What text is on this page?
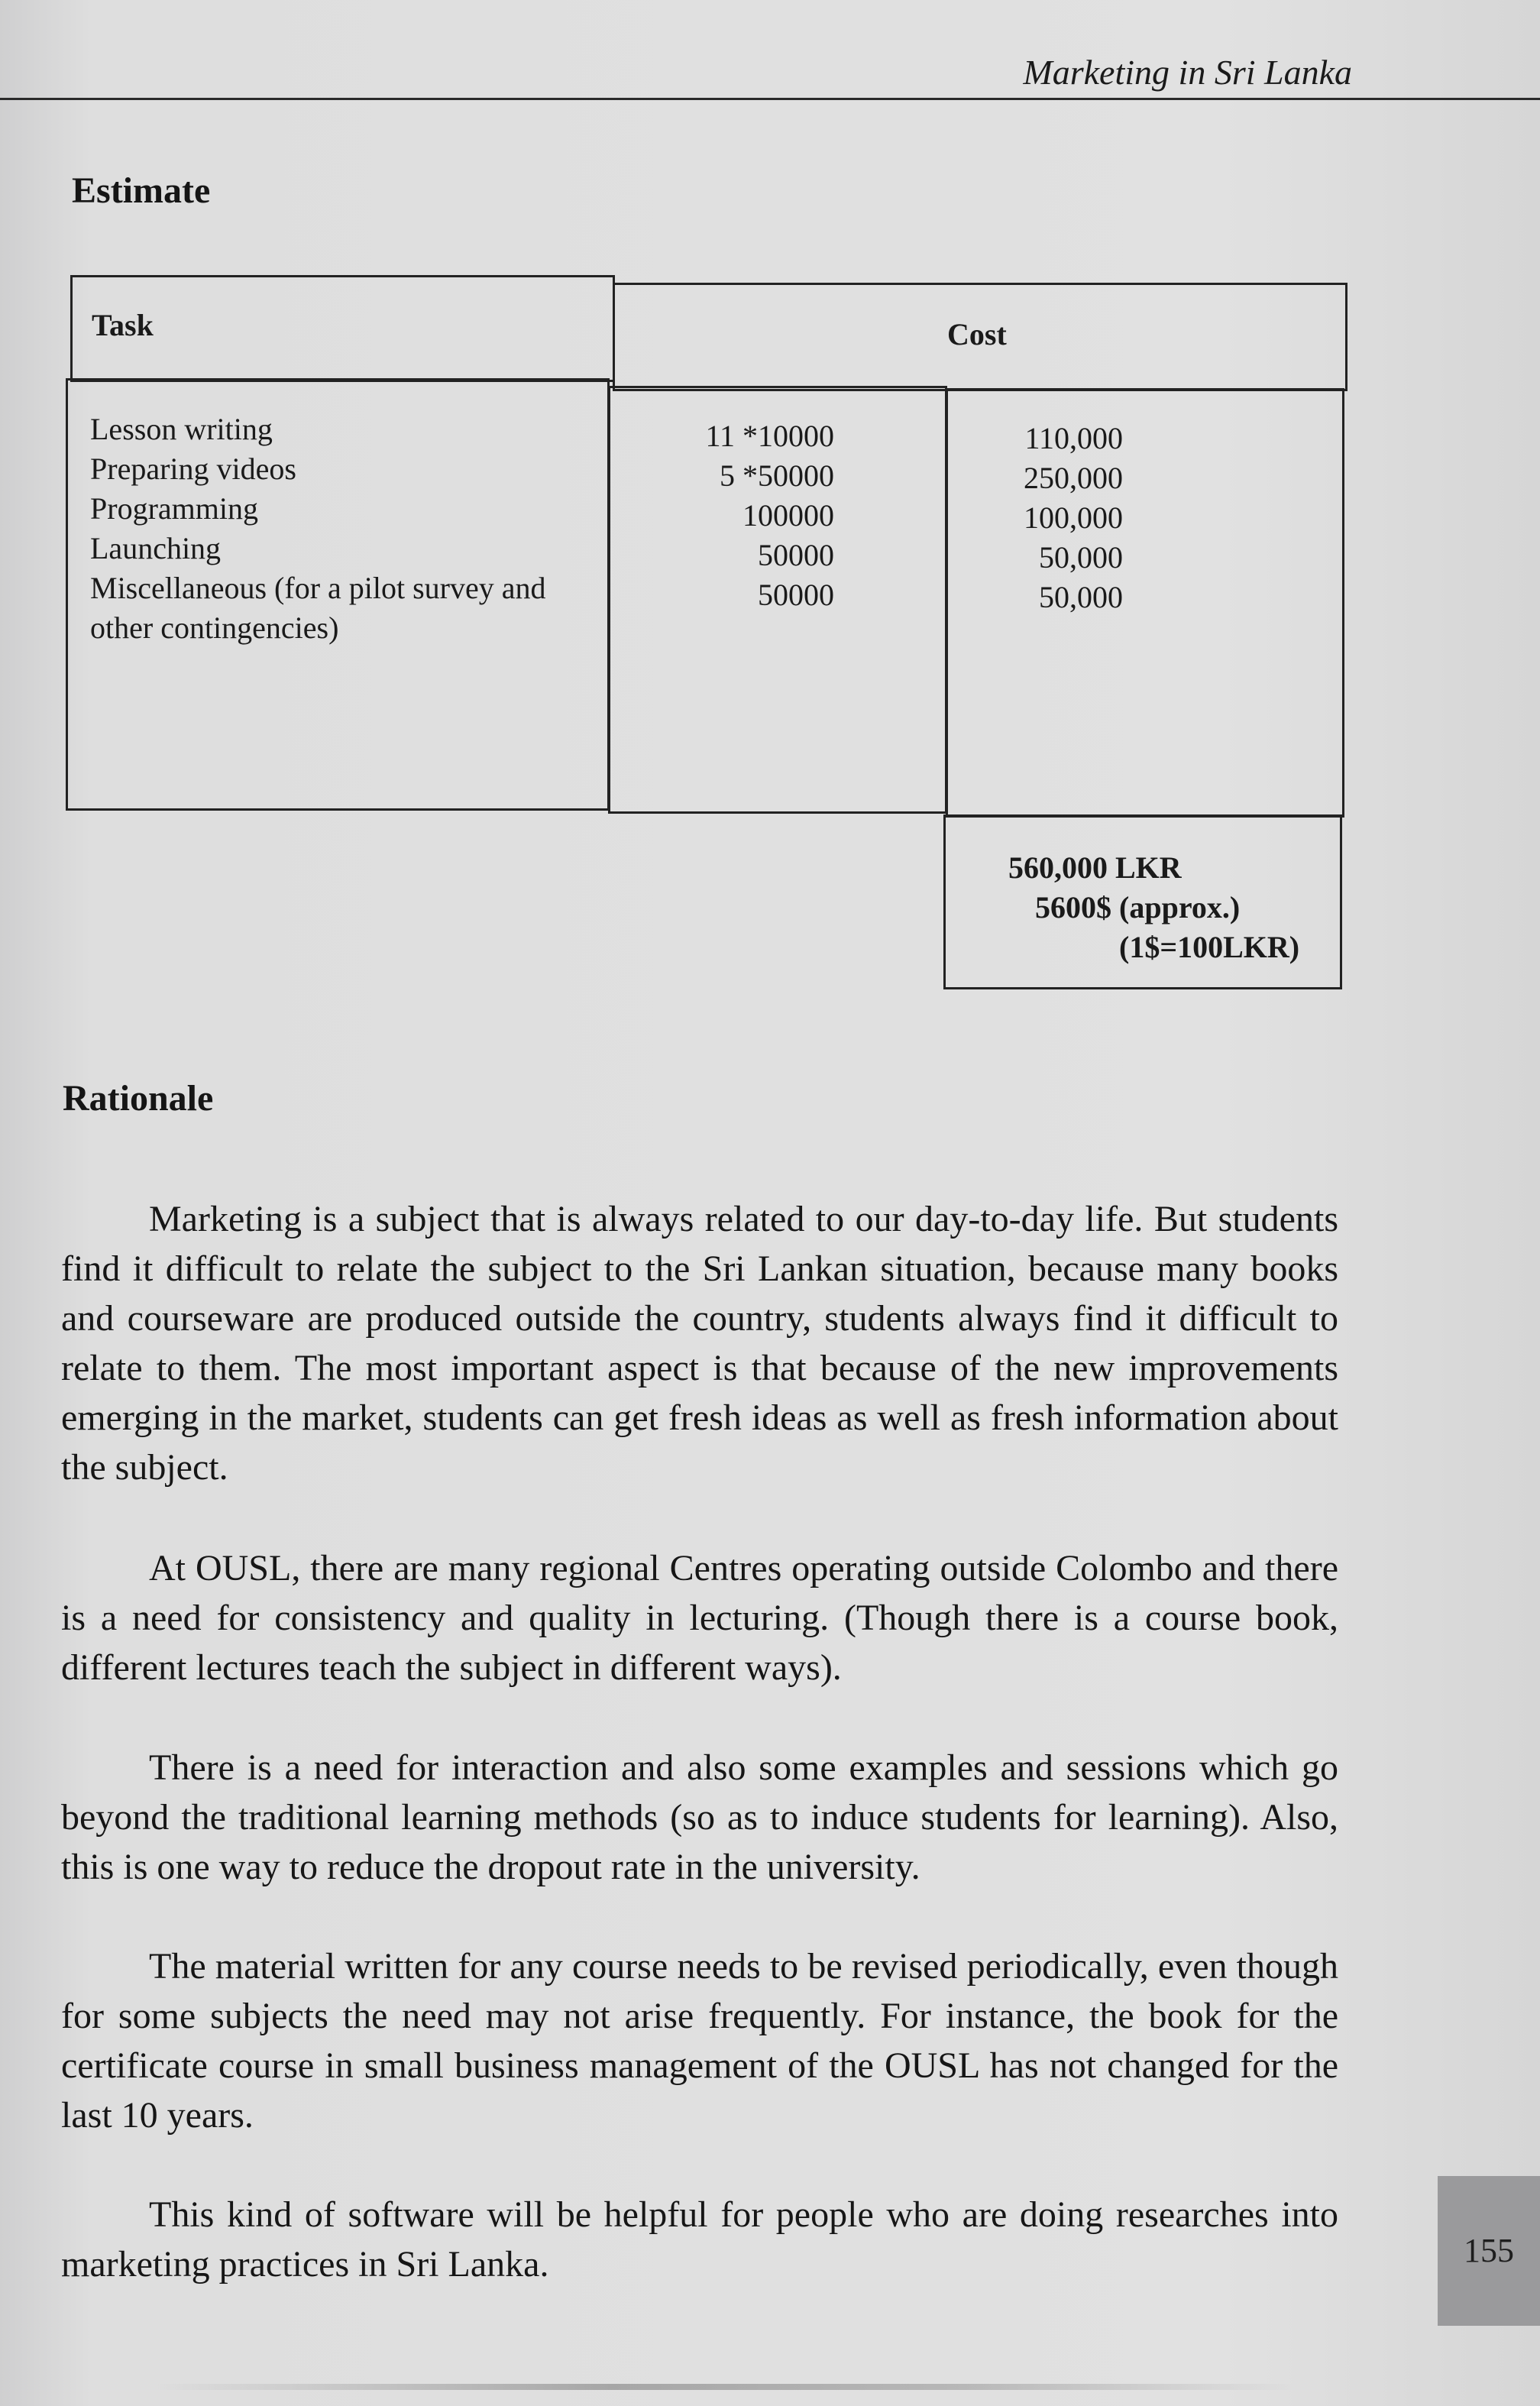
Marketing in Sri Lanka
Estimate
Task	Cost
Lesson writing
Preparing videos
Programming
Launching
Miscellaneous (for a pilot survey and other contingencies)
11 *10000
5 *50000
100000
50000
50000
110,000
250,000
100,000
50,000
50,000
560,000 LKR
5600$ (approx.)
(1$=100LKR)
Rationale

Marketing is a subject that is always related to our day-to-day life. But students find it difficult to relate the subject to the Sri Lankan situation, because many books and courseware are produced outside the country, students always find it difficult to relate to them. The most important aspect is that because of the new improvements emerging in the market, students can get fresh ideas as well as fresh information about the subject.

At OUSL, there are many regional Centres operating outside Colombo and there is a need for consistency and quality in lecturing. (Though there is a course book, different lectures teach the subject in different ways).

There is a need for interaction and also some examples and sessions which go beyond the traditional learning methods (so as to induce students for learning). Also, this is one way to reduce the dropout rate in the university.

The material written for any course needs to be revised periodically, even though for some subjects the need may not arise frequently. For instance, the book for the certificate course in small business management of the OUSL has not changed for the last 10 years.

This kind of software will be helpful for people who are doing researches into marketing practices in Sri Lanka.	155
